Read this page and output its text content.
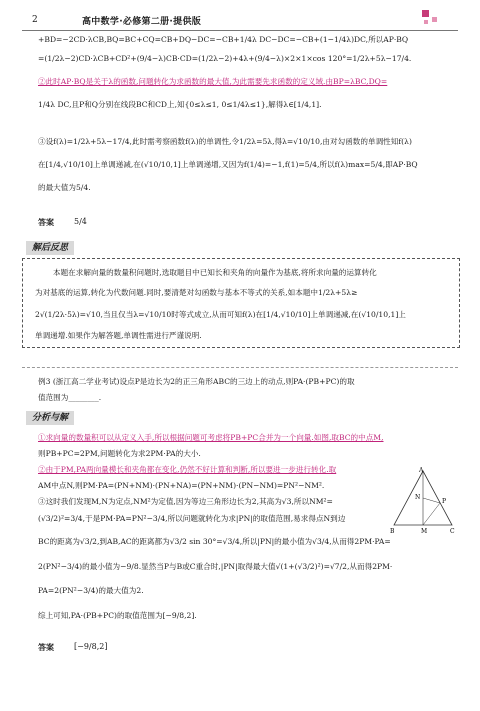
2	高中数学·必修第二册·提供版
+BD=−2CD·λCB,BQ=BC+CQ=CB+DQ−DC=−CB+1/4λ DC−DC=−CB+(1−1/4λ)DC,所以AP·BQ
=(1/2λ−2)CD·λCB+CD²+(9/4−λ)CB·CD=(1/2λ−2)+4λ+(9/4−λ)×2×1×cos 120°=1/2λ+5λ−17/4.
②此时AP·BQ是关于λ的函数,问题转化为求函数的最大值,为此需要先求函数的定义域.由BP=λBC,DQ=
1/4λ DC,且P和Q分别在线段BC和CD上,知{0≤λ≤1, 0≤1/4λ≤1},解得λ∈[1/4,1].
③设f(λ)=1/2λ+5λ−17/4,此时需考察函数f(λ)的单调性,令1/2λ=5λ,得λ=√10/10,由对勾函数的单调性知f(λ)
在[1/4,√10/10]上单调递减,在(√10/10,1]上单调递增,又因为f(1/4)=−1,f(1)=5/4,所以f(λ)max=5/4,即AP·BQ
的最大值为5/4.
答案	5/4
解后反思
本题在求解向量的数量积问题时,选取题目中已知长和夹角的向量作为基底,将所求向量的运算转化
为对基底的运算,转化为代数问题.同时,要清楚对勾函数与基本不等式的关系,如本题中1/2λ+5λ≥
2√(1/2λ·5λ)=√10,当且仅当λ=√10/10时等式成立,从而可知f(λ)在[1/4,√10/10]上单调递减,在(√10/10,1]上
单调递增.如果作为解答题,单调性需进行严谨说明.
例3 (浙江高二学业考试)设点P是边长为2的正三角形ABC的三边上的动点,则PA·(PB+PC)的取
值范围为________.
分析与解
①求向量的数量积可以从定义入手,所以根据问题可考虑将PB+PC合并为一个向量.如图,取BC的中点M,
则PB+PC=2PM,问题转化为求2PM·PA的大小.
②由于PM,PA两向量模长和夹角都在变化,仍然不好计算和判断,所以要进一步进行转化.取
AM中点N,则PM·PA=(PN+NM)·(PN+NA)=(PN+NM)·(PN−NM)=PN²−NM².
③这时我们发现M,N为定点,NM²为定值,因为等边三角形边长为2,其高为√3,所以NM²=
(√3/2)²=3/4,于是PM·PA=PN²−3/4,所以问题就转化为求|PN|的取值范围,易求得点N到边
BC的距离为√3/2,到AB,AC的距离都为√3/2 sin 30°=√3/4,所以|PN|的最小值为√3/4,从而得2PM·PA=
2(PN²−3/4)的最小值为−9/8.显然当P与B或C重合时,|PN|取得最大值√(1+(√3/2)²)=√7/2,从而得2PM·
PA=2(PN²−3/4)的最大值为2.
综上可知,PA·(PB+PC)的取值范围为[−9/8,2].
A
N
P
B	M	C
答案	[−9/8,2]
